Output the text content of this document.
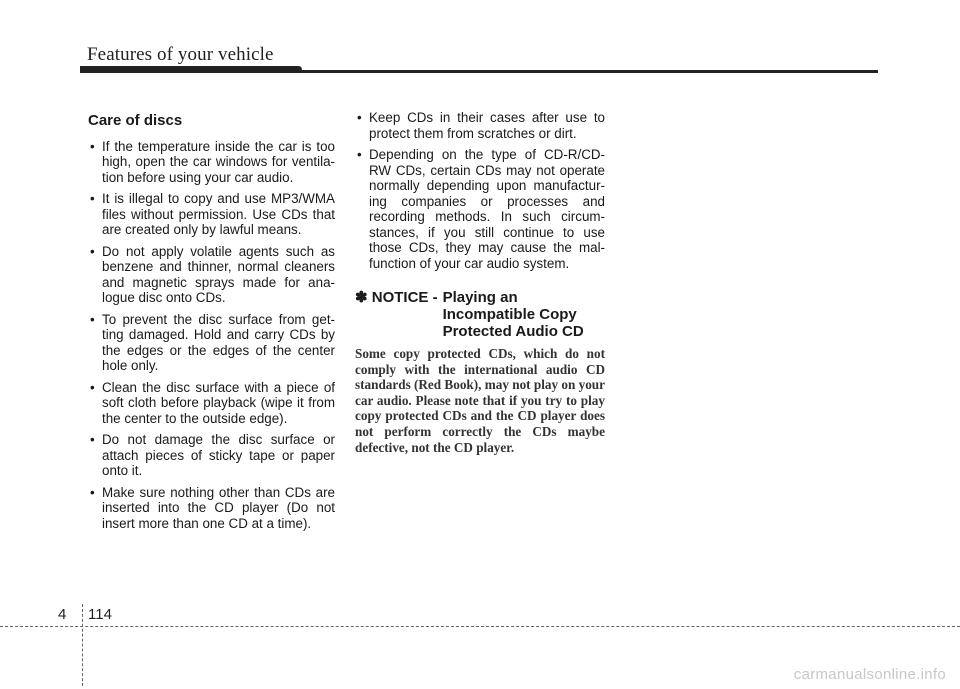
Features of your vehicle
Care of discs
• If the temperature inside the car is too high, open the car windows for ventila-tion before using your car audio.
• It is illegal to copy and use MP3/WMA files without permission. Use CDs that are created only by lawful means.
• Do not apply volatile agents such as benzene and thinner, normal cleaners and magnetic sprays made for ana-logue disc onto CDs.
• To prevent the disc surface from get-ting damaged. Hold and carry CDs by the edges or the edges of the center hole only.
• Clean the disc surface with a piece of soft cloth before playback (wipe it from the center to the outside edge).
• Do not damage the disc surface or attach pieces of sticky tape or paper onto it.
• Make sure nothing other than CDs are inserted into the CD player (Do not insert more than one CD at a time).
• Keep CDs in their cases after use to protect them from scratches or dirt.
• Depending on the type of CD-R/CD-RW CDs, certain CDs may not operate normally depending upon manufactur-ing companies or processes and recording methods. In such circum-stances, if you still continue to use those CDs, they may cause the mal-function of your car audio system.
✽ NOTICE - Playing an Incompatible Copy Protected Audio CD
Some copy protected CDs, which do not comply with the international audio CD standards (Red Book), may not play on your car audio. Please note that if you try to play copy protected CDs and the CD player does not perform correctly the CDs maybe defective, not the CD player.
4 114
carmanualsonline.info
